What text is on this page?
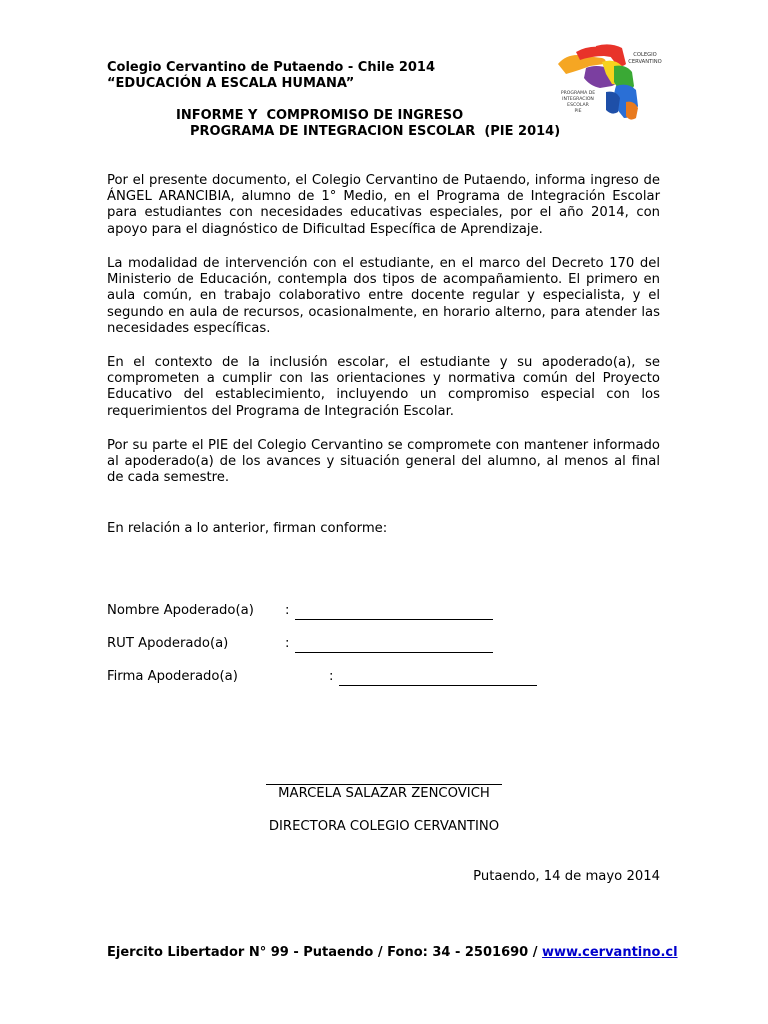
Colegio Cervantino de Putaendo - Chile 2014
“EDUCACIÓN A ESCALA HUMANA”
COLEGIO
CERVANTINO
PROGRAMA DE
INTEGRACION
ESCOLAR
PIE
INFORME Y  COMPROMISO DE INGRESO
PROGRAMA DE INTEGRACION ESCOLAR  (PIE 2014)

Por el presente documento, el Colegio Cervantino de Putaendo, informa ingreso de ÁNGEL ARANCIBIA, alumno de 1° Medio, en el Programa de Integración Escolar para estudiantes con necesidades educativas especiales, por el año 2014, con apoyo para el diagnóstico de Dificultad Específica de Aprendizaje.

La modalidad de intervención con el estudiante, en el marco del Decreto 170 del Ministerio de Educación, contempla dos tipos de acompañamiento. El primero en aula común, en trabajo colaborativo entre docente regular y especialista, y el segundo en aula de recursos, ocasionalmente, en horario alterno, para atender las necesidades específicas.

En el contexto de la inclusión escolar, el estudiante y su apoderado(a), se comprometen a cumplir con las orientaciones y normativa común del Proyecto Educativo del establecimiento, incluyendo un compromiso especial con los requerimientos del Programa de Integración Escolar.

Por su parte el PIE del Colegio Cervantino se compromete con mantener informado al apoderado(a) de los avances y situación general del alumno, al menos al final de cada semestre.

En relación a lo anterior, firman conforme:
Nombre Apoderado(a) :
RUT Apoderado(a)	:
Firma Apoderado(a)	:
MARCELA SALAZAR ZENCOVICH
DIRECTORA COLEGIO CERVANTINO
Putaendo, 14 de mayo 2014
Ejercito Libertador N° 99 - Putaendo / Fono: 34 - 2501690 / www.cervantino.cl
